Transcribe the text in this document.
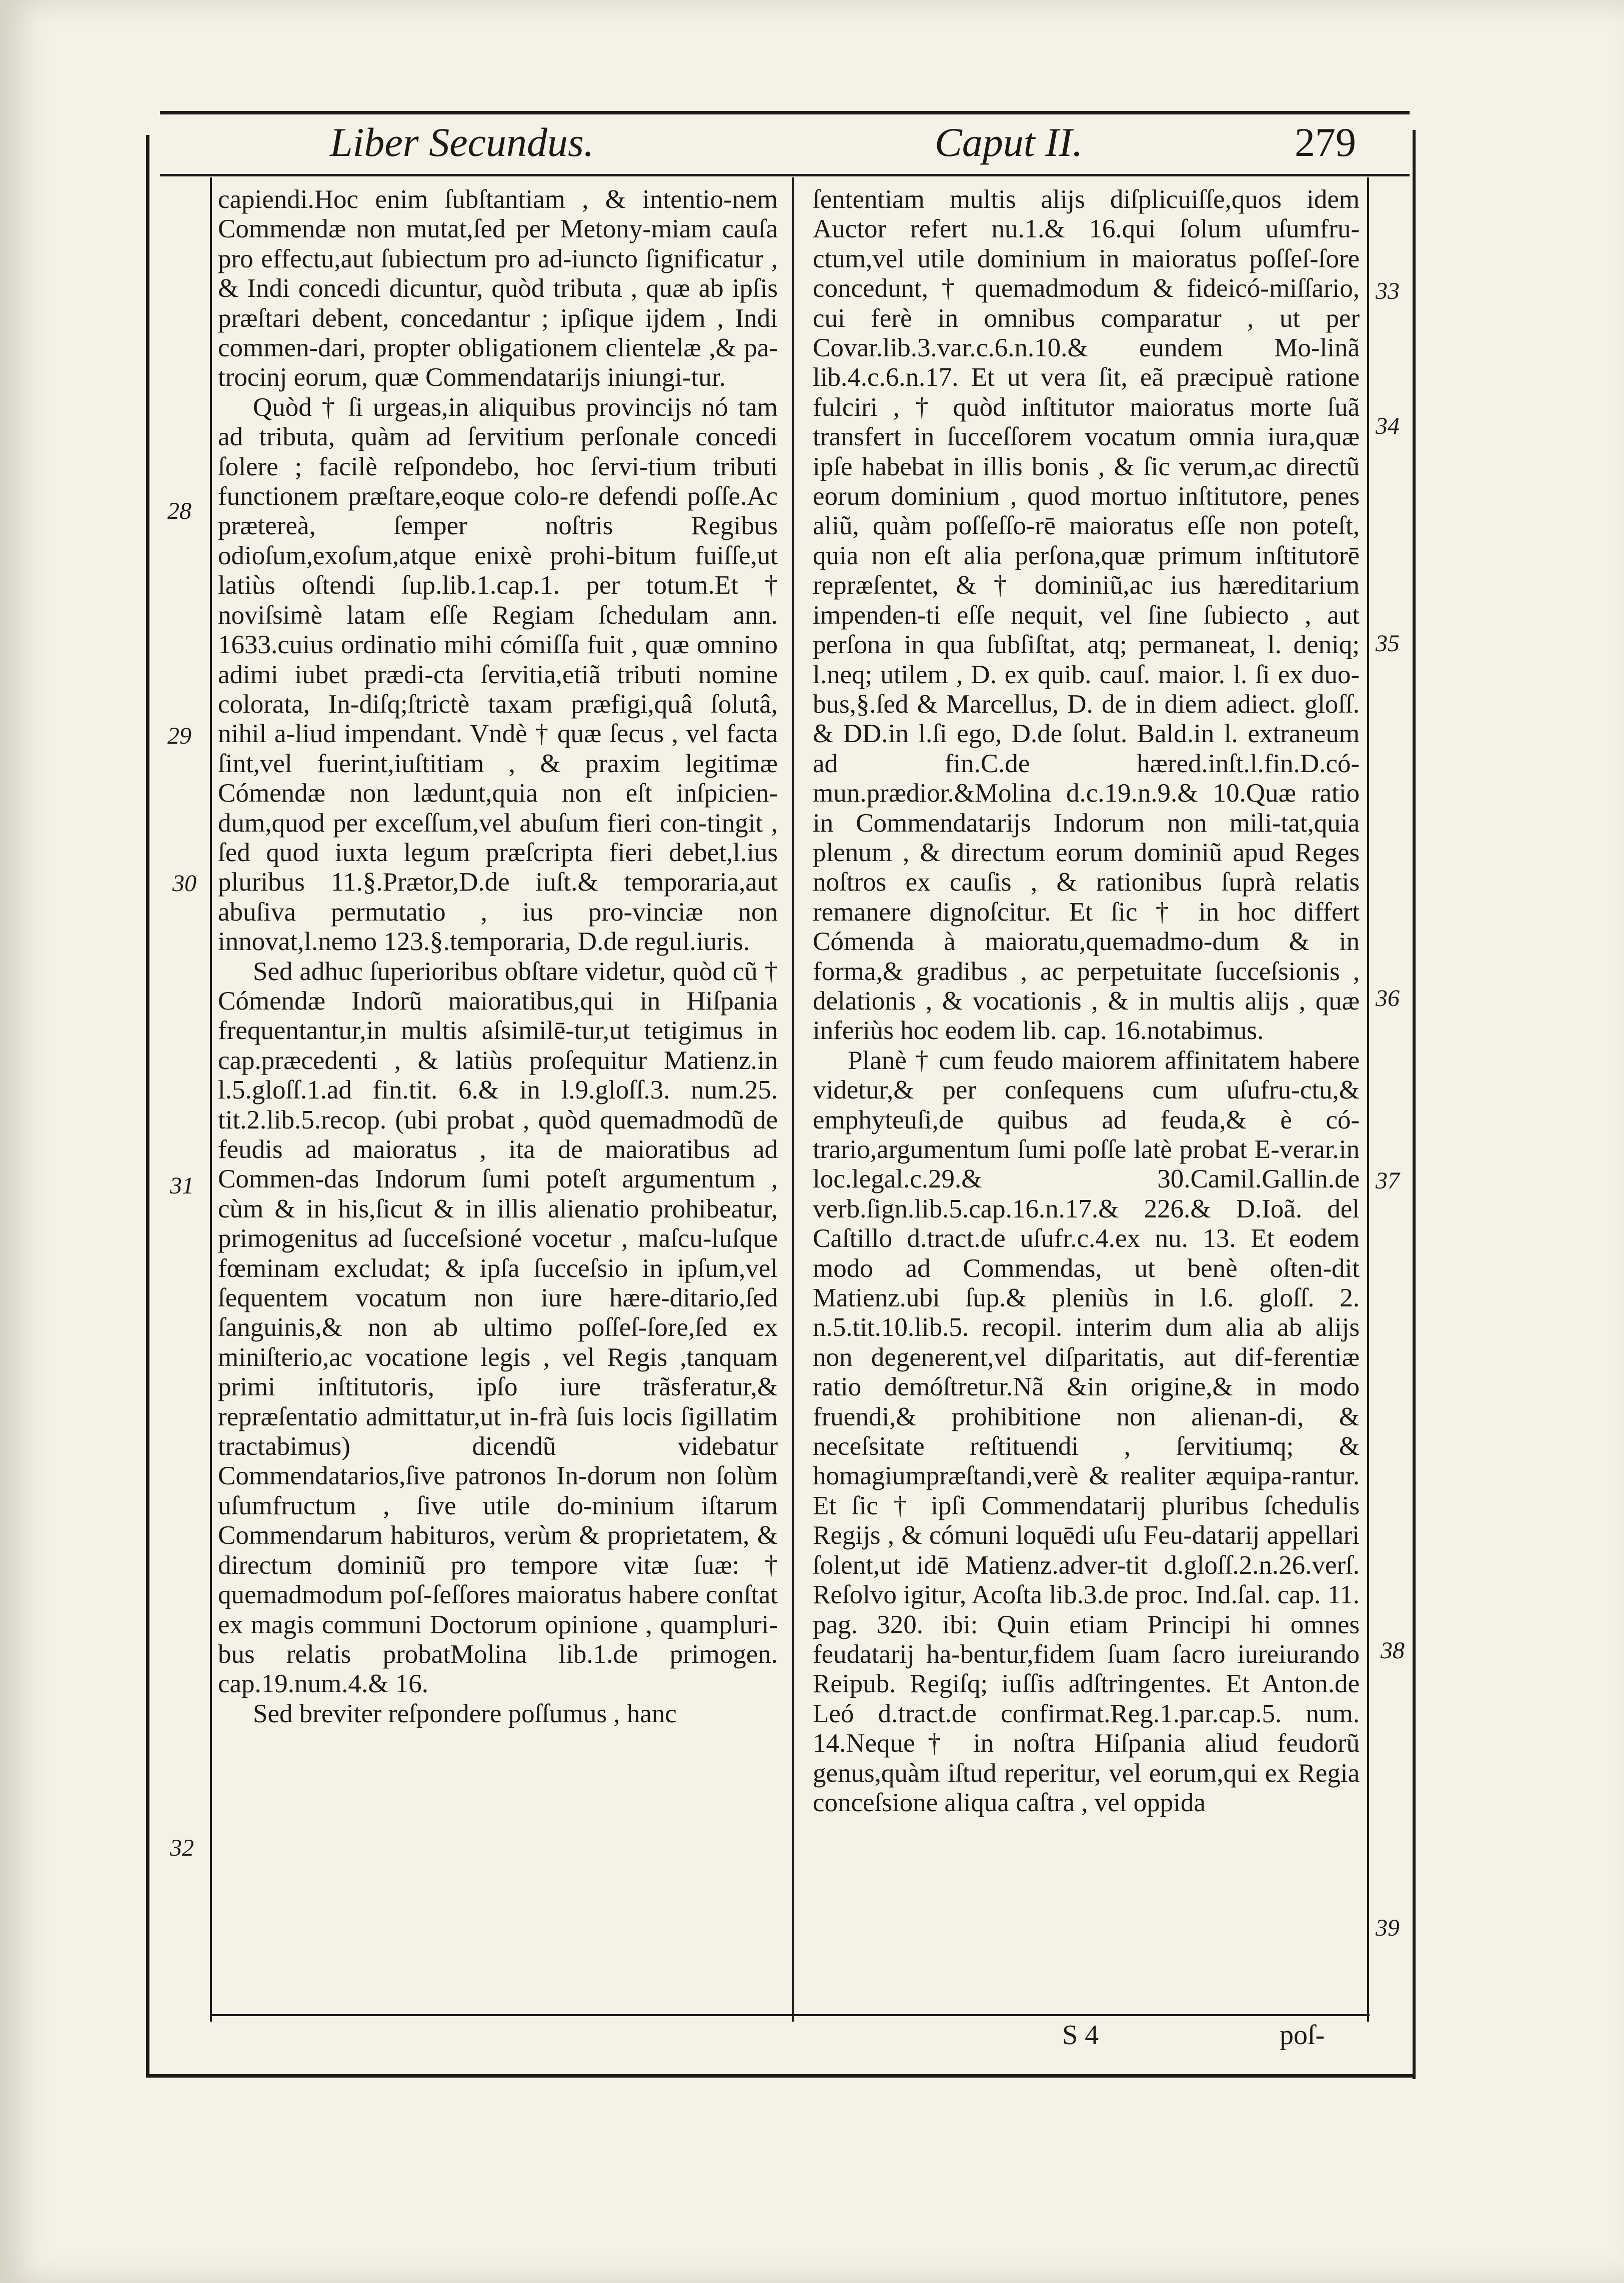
Liber Secundus.	Caput II.	279

capiendi.Hoc enim ſubſtantiam , & intentio-nem Commendæ non mutat,ſed per Metony-miam cauſa pro effectu,aut ſubiectum pro ad-iuncto ſignificatur , & Indi concedi dicuntur, quòd tributa , quæ ab ipſis præſtari debent, concedantur ; ipſique ijdem , Indi commen-dari, propter obligationem clientelæ ,& pa-trocinj eorum, quæ Commendatarijs iniungi-tur.

Quòd † ſi urgeas,in aliquibus provincijs nó tam ad tributa, quàm ad ſervitium perſonale concedi ſolere ; facilè reſpondebo, hoc ſervi-tium tributi functionem præſtare,eoque colo-re defendi poſſe.Ac prætereà, ſemper noſtris Regibus odioſum,exoſum,atque enixè prohi-bitum fuiſſe,ut latiùs oſtendi ſup.lib.1.cap.1. per totum.Et † noviſsimè latam eſſe Regiam ſchedulam ann. 1633.cuius ordinatio mihi cómiſſa fuit , quæ omnino adimi iubet prædi-cta ſervitia,etiã tributi nomine colorata, In-diſq;ſtrictè taxam præfigi,quâ ſolutâ, nihil a-liud impendant. Vndè † quæ ſecus , vel facta ſint,vel fuerint,iuſtitiam , & praxim legitimæ Cómendæ non lædunt,quia non eſt inſpicien-dum,quod per exceſſum,vel abuſum fieri con-tingit , ſed quod iuxta legum præſcripta fieri debet,l.ius pluribus 11.§.Prætor,D.de iuſt.& temporaria,aut abuſiva permutatio , ius pro-vinciæ non innovat,l.nemo 123.§.temporaria, D.de regul.iuris.

Sed adhuc ſuperioribus obſtare videtur, quòd cũ † Cómendæ Indorũ maioratibus,qui in Hiſpania frequentantur,in multis aſsimilē-tur,ut tetigimus in cap.præcedenti , & latiùs proſequitur Matienz.in l.5.gloſſ.1.ad fin.tit. 6.& in l.9.gloſſ.3. num.25. tit.2.lib.5.recop. (ubi probat , quòd quemadmodũ de feudis ad maioratus , ita de maioratibus ad Commen-das Indorum ſumi poteſt argumentum , cùm & in his,ſicut & in illis alienatio prohibeatur, primogenitus ad ſucceſsioné vocetur , maſcu-luſque fœminam excludat; & ipſa ſucceſsio in ipſum,vel ſequentem vocatum non iure hære-ditario,ſed ſanguinis,& non ab ultimo poſſeſ-ſore,ſed ex miniſterio,ac vocatione legis , vel Regis ,tanquam primi inſtitutoris, ipſo iure trãsferatur,& repræſentatio admittatur,ut in-frà ſuis locis ſigillatim tractabimus) dicendũ videbatur Commendatarios,ſive patronos In-dorum non ſolùm uſumfructum , ſive utile do-minium iſtarum Commendarum habituros, verùm & proprietatem, & directum dominiũ pro tempore vitæ ſuæ: † quemadmodum poſ-ſeſſores maioratus habere conſtat ex magis communi Doctorum opinione , quampluri-bus relatis probatMolina lib.1.de primogen. cap.19.num.4.& 16.

Sed breviter reſpondere poſſumus , hanc

ſententiam multis alijs diſplicuiſſe,quos idem Auctor refert nu.1.& 16.qui ſolum uſumfru-ctum,vel utile dominium in maioratus poſſeſ-ſore concedunt, † quemadmodum & fideicó-miſſario, cui ferè in omnibus comparatur , ut per Covar.lib.3.var.c.6.n.10.& eundem Mo-linã lib.4.c.6.n.17. Et ut vera ſit, eã præcipuè ratione fulciri , † quòd inſtitutor maioratus morte ſuã transfert in ſucceſſorem vocatum omnia iura,quæ ipſe habebat in illis bonis , & ſic verum,ac directũ eorum dominium , quod mortuo inſtitutore, penes aliũ, quàm poſſeſſo-rē maioratus eſſe non poteſt, quia non eſt alia perſona,quæ primum inſtitutorē repræſentet, & † dominiũ,ac ius hæreditarium impenden-ti eſſe nequit, vel ſine ſubiecto , aut perſona in qua ſubſiſtat, atq; permaneat, l. deniq; l.neq; utilem , D. ex quib. cauſ. maior. l. ſi ex duo-bus,§.ſed & Marcellus, D. de in diem adiect. gloſſ. & DD.in l.ſi ego, D.de ſolut. Bald.in l. extraneum ad fin.C.de hæred.inſt.l.fin.D.có-mun.prædior.&Molina d.c.19.n.9.& 10.Quæ ratio in Commendatarijs Indorum non mili-tat,quia plenum , & directum eorum dominiũ apud Reges noſtros ex cauſis , & rationibus ſuprà relatis remanere dignoſcitur. Et ſic † in hoc differt Cómenda à maioratu,quemadmo-dum & in forma,& gradibus , ac perpetuitate ſucceſsionis , delationis , & vocationis , & in multis alijs , quæ inferiùs hoc eodem lib. cap. 16.notabimus.

Planè † cum feudo maiorem affinitatem habere videtur,& per conſequens cum uſufru-ctu,& emphyteuſi,de quibus ad feuda,& è có-trario,argumentum ſumi poſſe latè probat E-verar.in loc.legal.c.29.& 30.Camil.Gallin.de verb.ſign.lib.5.cap.16.n.17.& 226.& D.Ioã. del Caſtillo d.tract.de uſufr.c.4.ex nu. 13. Et eodem modo ad Commendas, ut benè oſten-dit Matienz.ubi ſup.& pleniùs in l.6. gloſſ. 2. n.5.tit.10.lib.5. recopil. interim dum alia ab alijs non degenerent,vel diſparitatis, aut dif-ferentiæ ratio demóſtretur.Nã &in origine,& in modo fruendi,& prohibitione non alienan-di, & neceſsitate reſtituendi , ſervitiumq; & homagiumpræſtandi,verè & realiter æquipa-rantur. Et ſic † ipſi Commendatarij pluribus ſchedulis Regijs , & cómuni loquēdi uſu Feu-datarij appellari ſolent,ut idē Matienz.adver-tit d.gloſſ.2.n.26.verſ. Reſolvo igitur, Acoſta lib.3.de proc. Ind.ſal. cap. 11. pag. 320. ibi: Quin etiam Principi hi omnes feudatarij ha-bentur,fidem ſuam ſacro iureiurando Reipub. Regiſq; iuſſis adſtringentes. Et Anton.de Leó d.tract.de confirmat.Reg.1.par.cap.5. num. 14.Neque† in noſtra Hiſpania aliud feudorũ genus,quàm iſtud reperitur, vel eorum,qui ex Regia conceſsione aliqua caſtra , vel oppida

28
29
30
31
32
33
34
35
36
37
38
39
S 4	poſ-
